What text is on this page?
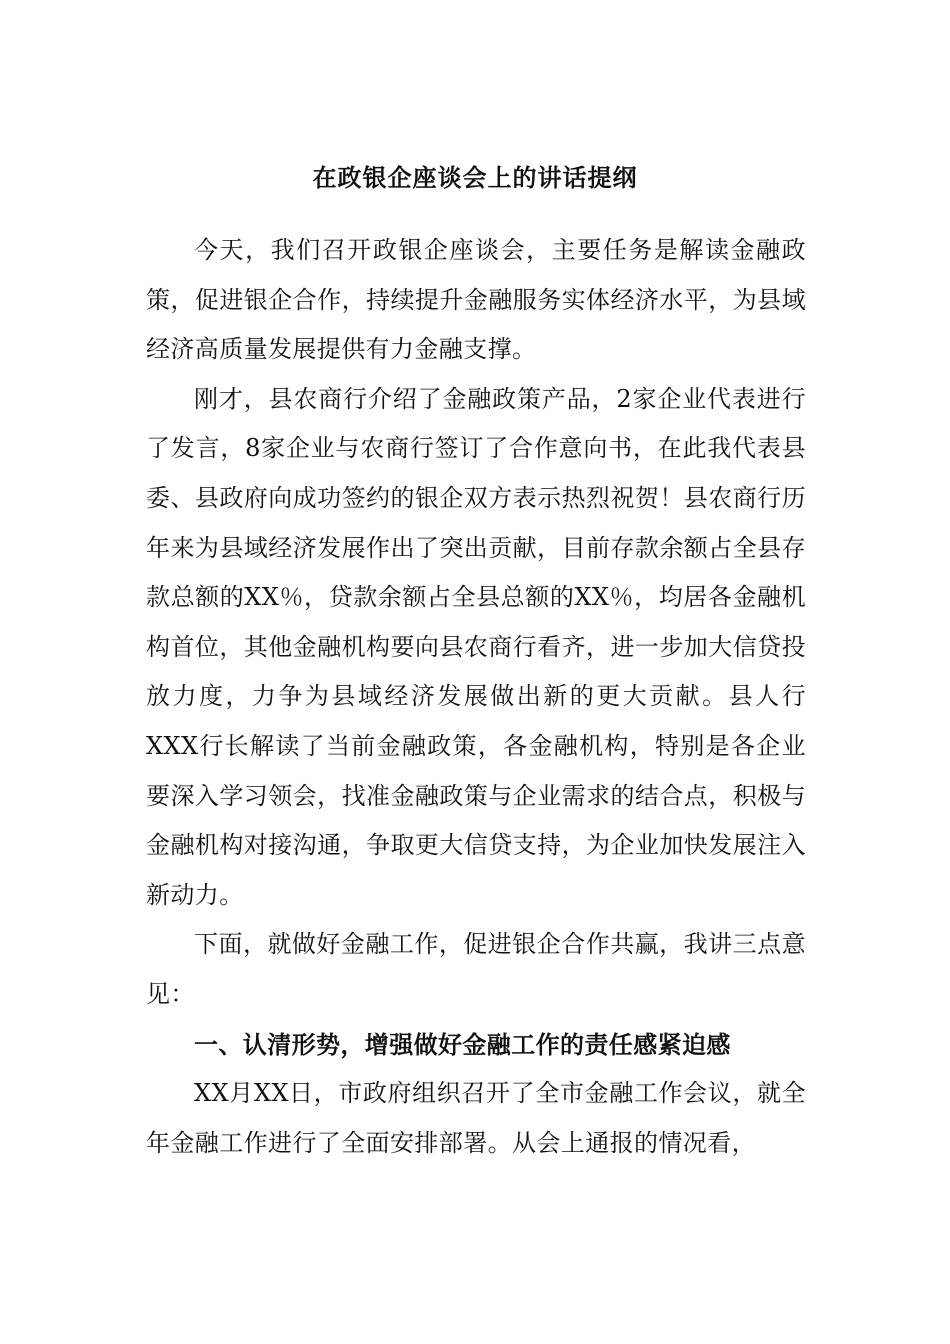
在政银企座谈会上的讲话提纲

今天，我们召开政银企座谈会，主要任务是解读金融政策，促进银企合作，持续提升金融服务实体经济水平，为县域经济高质量发展提供有力金融支撑。

刚才，县农商行介绍了金融政策产品，2家企业代表进行了发言，8家企业与农商行签订了合作意向书，在此我代表县委、县政府向成功签约的银企双方表示热烈祝贺！县农商行历年来为县域经济发展作出了突出贡献，目前存款余额占全县存款总额的XX％，贷款余额占全县总额的XX％，均居各金融机构首位，其他金融机构要向县农商行看齐，进一步加大信贷投放力度，力争为县域经济发展做出新的更大贡献。县人行XXX行长解读了当前金融政策，各金融机构，特别是各企业要深入学习领会，找准金融政策与企业需求的结合点，积极与金融机构对接沟通，争取更大信贷支持，为企业加快发展注入新动力。

下面，就做好金融工作，促进银企合作共赢，我讲三点意见：

一、认清形势，增强做好金融工作的责任感紧迫感

XX月XX日，市政府组织召开了全市金融工作会议，就全年金融工作进行了全面安排部署。从会上通报的情况看，
